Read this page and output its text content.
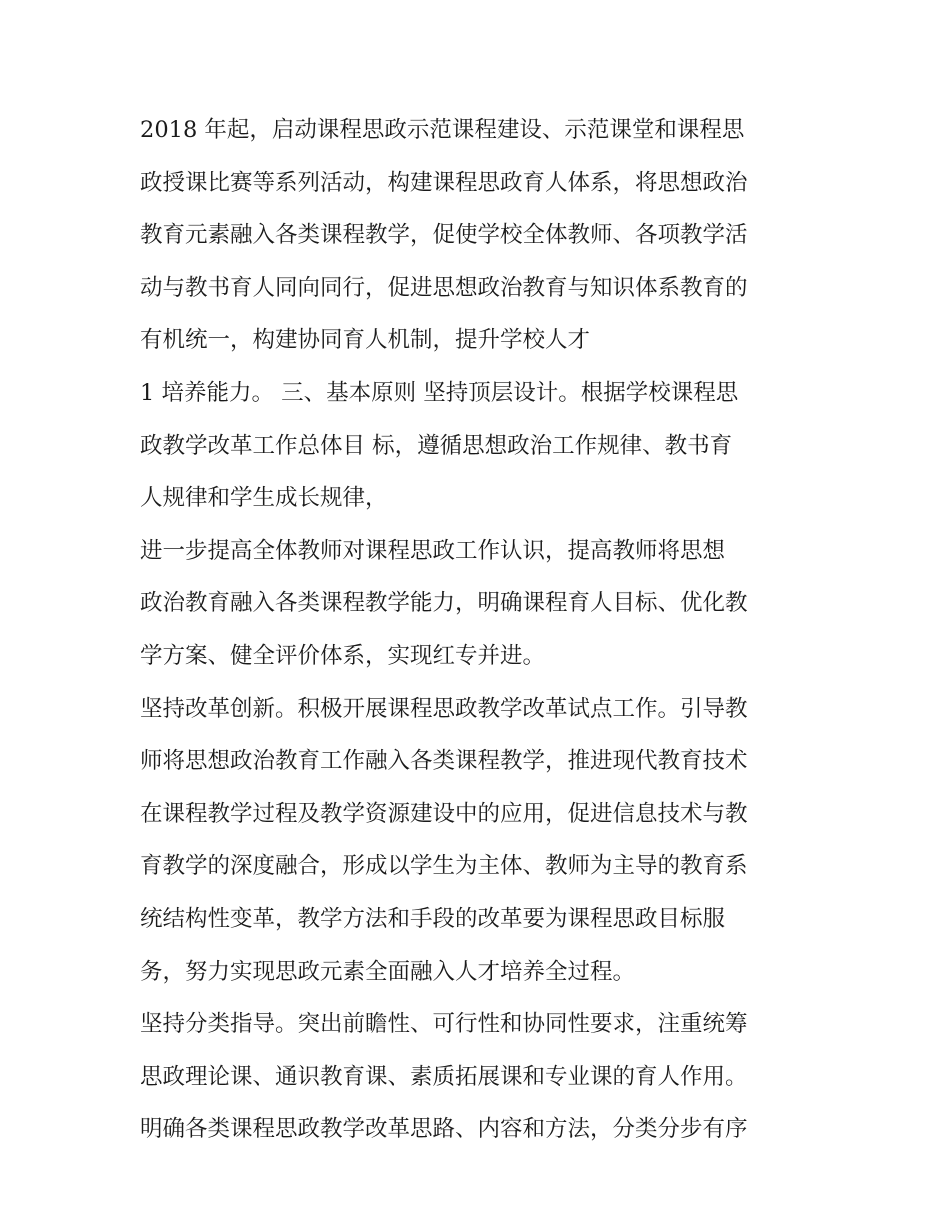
2018 年起，启动课程思政示范课程建设、示范课堂和课程思
政授课比赛等系列活动，构建课程思政育人体系，将思想政治
教育元素融入各类课程教学，促使学校全体教师、各项教学活
动与教书育人同向同行，促进思想政治教育与知识体系教育的
有机统一，构建协同育人机制，提升学校人才
1 培养能力。 三、基本原则 坚持顶层设计。根据学校课程思
政教学改革工作总体目 标，遵循思想政治工作规律、教书育
人规律和学生成长规律，
进一步提高全体教师对课程思政工作认识，提高教师将思想
政治教育融入各类课程教学能力，明确课程育人目标、优化教
学方案、健全评价体系，实现红专并进。
坚持改革创新。积极开展课程思政教学改革试点工作。引导教
师将思想政治教育工作融入各类课程教学，推进现代教育技术
在课程教学过程及教学资源建设中的应用，促进信息技术与教
育教学的深度融合，形成以学生为主体、教师为主导的教育系
统结构性变革，教学方法和手段的改革要为课程思政目标服
务，努力实现思政元素全面融入人才培养全过程。
坚持分类指导。突出前瞻性、可行性和协同性要求，注重统筹
思政理论课、通识教育课、素质拓展课和专业课的育人作用。
明确各类课程思政教学改革思路、内容和方法，分类分步有序
